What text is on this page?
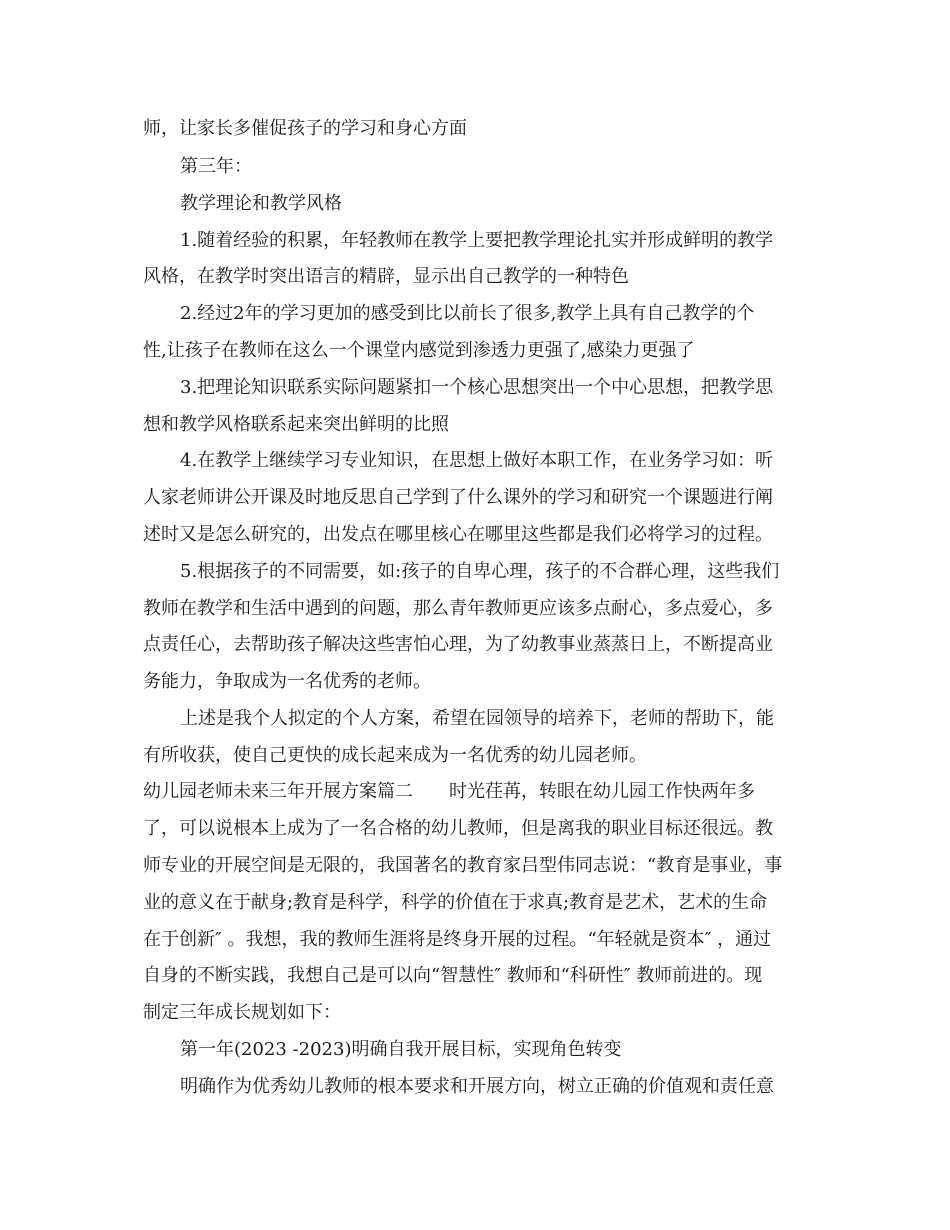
师，让家长多催促孩子的学习和身心方面
第三年：
教学理论和教学风格
1.随着经验的积累，年轻教师在教学上要把教学理论扎实并形成鲜明的教学
风格，在教学时突出语言的精辟，显示出自己教学的一种特色
2.经过2年的学习更加的感受到比以前长了很多,教学上具有自己教学的个
性,让孩子在教师在这么一个课堂内感觉到渗透力更强了,感染力更强了
3.把理论知识联系实际问题紧扣一个核心思想突出一个中心思想，把教学思
想和教学风格联系起来突出鲜明的比照
4.在教学上继续学习专业知识，在思想上做好本职工作，在业务学习如：听
人家老师讲公开课及时地反思自己学到了什么课外的学习和研究一个课题进行阐
述时又是怎么研究的，出发点在哪里核心在哪里这些都是我们必将学习的过程。
5.根据孩子的不同需要，如:孩子的自卑心理，孩子的不合群心理，这些我们
教师在教学和生活中遇到的问题，那么青年教师更应该多点耐心，多点爱心，多
点责任心，去帮助孩子解决这些害怕心理，为了幼教事业蒸蒸日上，不断提高业
务能力，争取成为一名优秀的老师。
上述是我个人拟定的个人方案，希望在园领导的培养下，老师的帮助下，能
有所收获，使自己更快的成长起来成为一名优秀的幼儿园老师。
幼儿园老师未来三年开展方案篇二　　时光荏苒，转眼在幼儿园工作快两年多
了，可以说根本上成为了一名合格的幼儿教师，但是离我的职业目标还很远。教
师专业的开展空间是无限的，我国著名的教育家吕型伟同志说：“教育是事业，事
业的意义在于献身;教育是科学，科学的价值在于求真;教育是艺术，艺术的生命
在于创新″ 。我想，我的教师生涯将是终身开展的过程。“年轻就是资本″ ，通过
自身的不断实践，我想自己是可以向“智慧性″ 教师和“科研性″ 教师前进的。现
制定三年成长规划如下：
第一年(2023 -2023)明确自我开展目标，实现角色转变
明确作为优秀幼儿教师的根本要求和开展方向，树立正确的价值观和责任意
